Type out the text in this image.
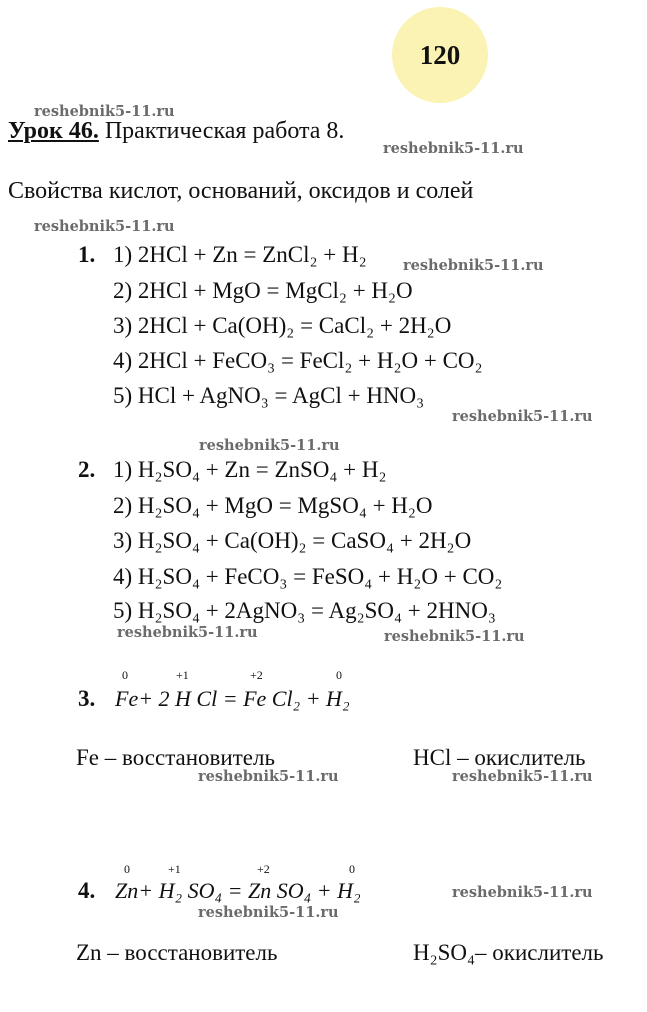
120
reshebnik5-11.ru
reshebnik5-11.ru
reshebnik5-11.ru
reshebnik5-11.ru
reshebnik5-11.ru
reshebnik5-11.ru
reshebnik5-11.ru	reshebnik5-11.ru
reshebnik5-11.ru	reshebnik5-11.ru
reshebnik5-11.ru
reshebnik5-11.ru
Урок 46. Практическая работа 8.
Свойства кислот, оснований, оксидов и солей
1. 1) 2HCl + Zn = ZnCl₂ + H₂
2) 2HCl + MgO = MgCl₂ + H₂O
3) 2HCl + Ca(OH)₂ = CaCl₂ + 2H₂O
4) 2HCl + FeCO₃ = FeCl₂ + H₂O + CO₂
5) HCl + AgNO₃ = AgCl + HNO₃
2. 1) H₂SO₄ + Zn = ZnSO₄ + H₂
2) H₂SO₄ + MgO = MgSO₄ + H₂O
3) H₂SO₄ + Ca(OH)₂ = CaSO₄ + 2H₂O
4) H₂SO₄ + FeCO₃ = FeSO₄ + H₂O + CO₂
5) H₂SO₄ + 2AgNO₃ = Ag₂SO₄ + 2HNO₃
3.
0	+1	+2	0
Fe+ 2 H Cl = Fe Cl₂ + H₂
Fe – восстановитель	HCl – окислитель
4.
0	+1	+2	0
Zn+ H₂ SO₄ = Zn SO₄ + H₂
Zn – восстановитель	H₂SO₄– окислитель
